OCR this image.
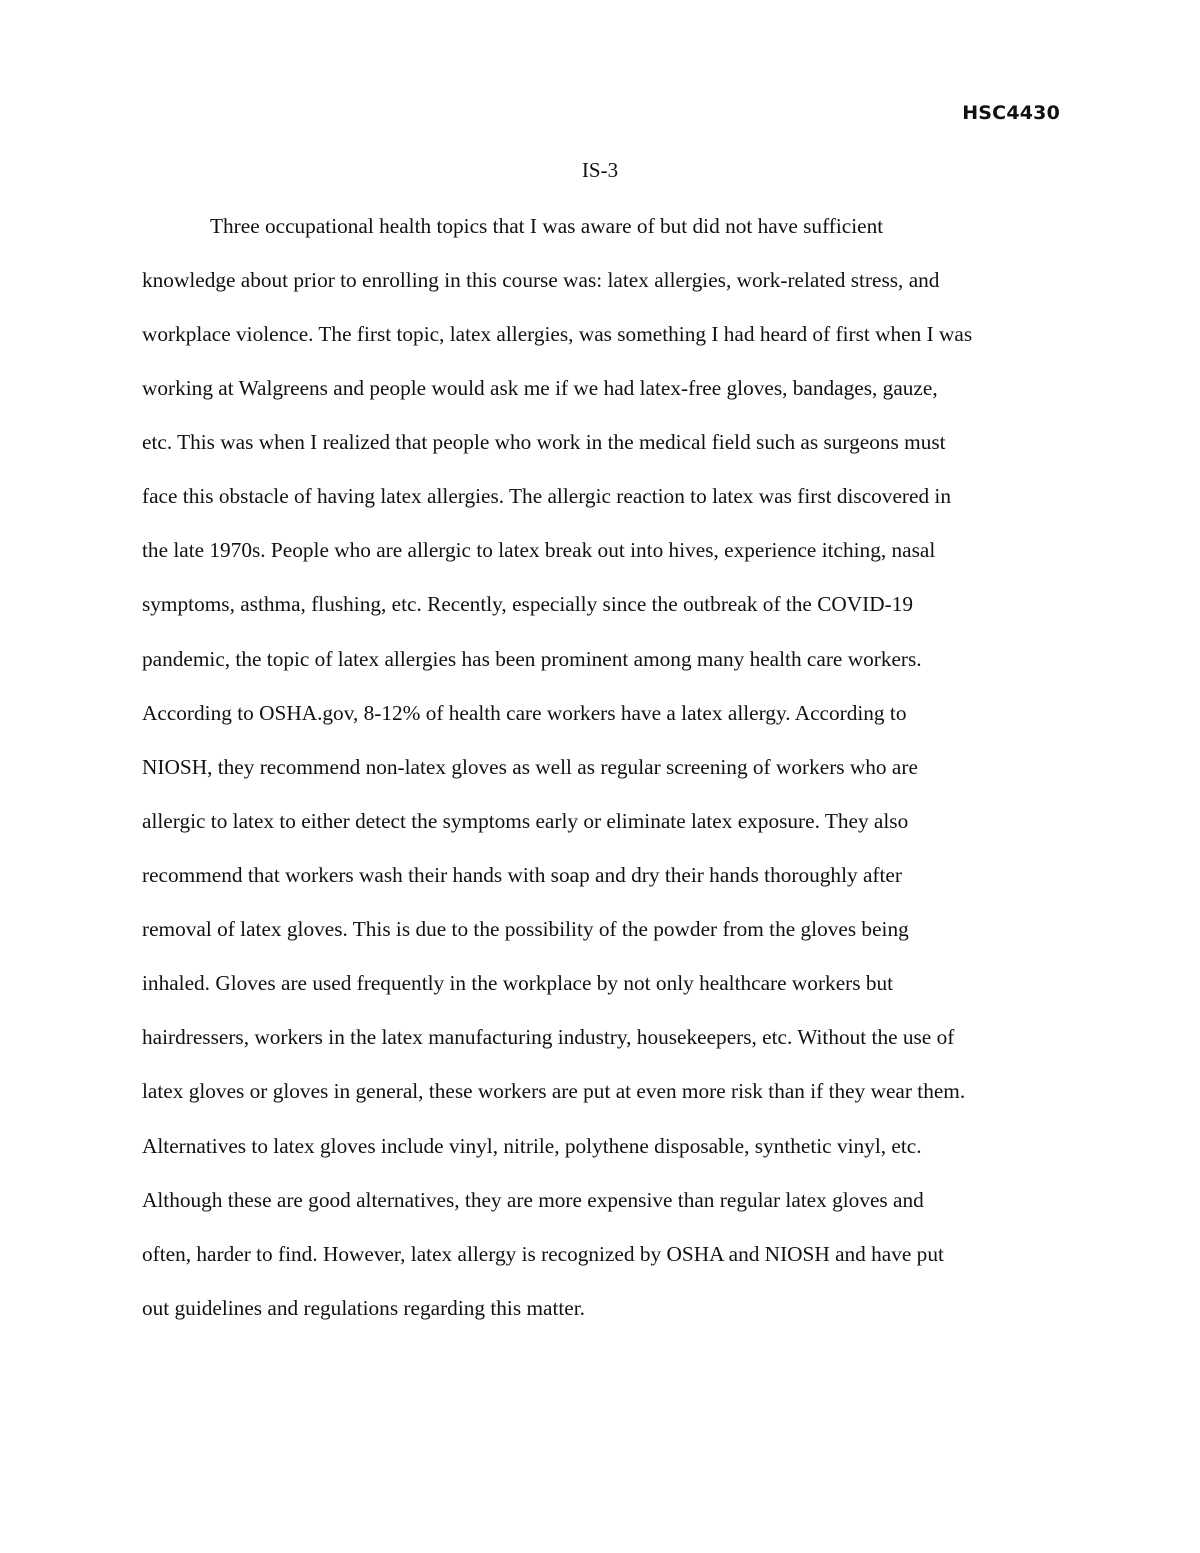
HSC4430
IS-3
Three occupational health topics that I was aware of but did not have sufficient
knowledge about prior to enrolling in this course was: latex allergies, work-related stress, and
workplace violence. The first topic, latex allergies, was something I had heard of first when I was
working at Walgreens and people would ask me if we had latex-free gloves, bandages, gauze,
etc. This was when I realized that people who work in the medical field such as surgeons must
face this obstacle of having latex allergies. The allergic reaction to latex was first discovered in
the late 1970s. People who are allergic to latex break out into hives, experience itching, nasal
symptoms, asthma, flushing, etc. Recently, especially since the outbreak of the COVID-19
pandemic, the topic of latex allergies has been prominent among many health care workers.
According to OSHA.gov, 8-12% of health care workers have a latex allergy. According to
NIOSH, they recommend non-latex gloves as well as regular screening of workers who are
allergic to latex to either detect the symptoms early or eliminate latex exposure. They also
recommend that workers wash their hands with soap and dry their hands thoroughly after
removal of latex gloves. This is due to the possibility of the powder from the gloves being
inhaled. Gloves are used frequently in the workplace by not only healthcare workers but
hairdressers, workers in the latex manufacturing industry, housekeepers, etc. Without the use of
latex gloves or gloves in general, these workers are put at even more risk than if they wear them.
Alternatives to latex gloves include vinyl, nitrile, polythene disposable, synthetic vinyl, etc.
Although these are good alternatives, they are more expensive than regular latex gloves and
often, harder to find. However, latex allergy is recognized by OSHA and NIOSH and have put
out guidelines and regulations regarding this matter.
